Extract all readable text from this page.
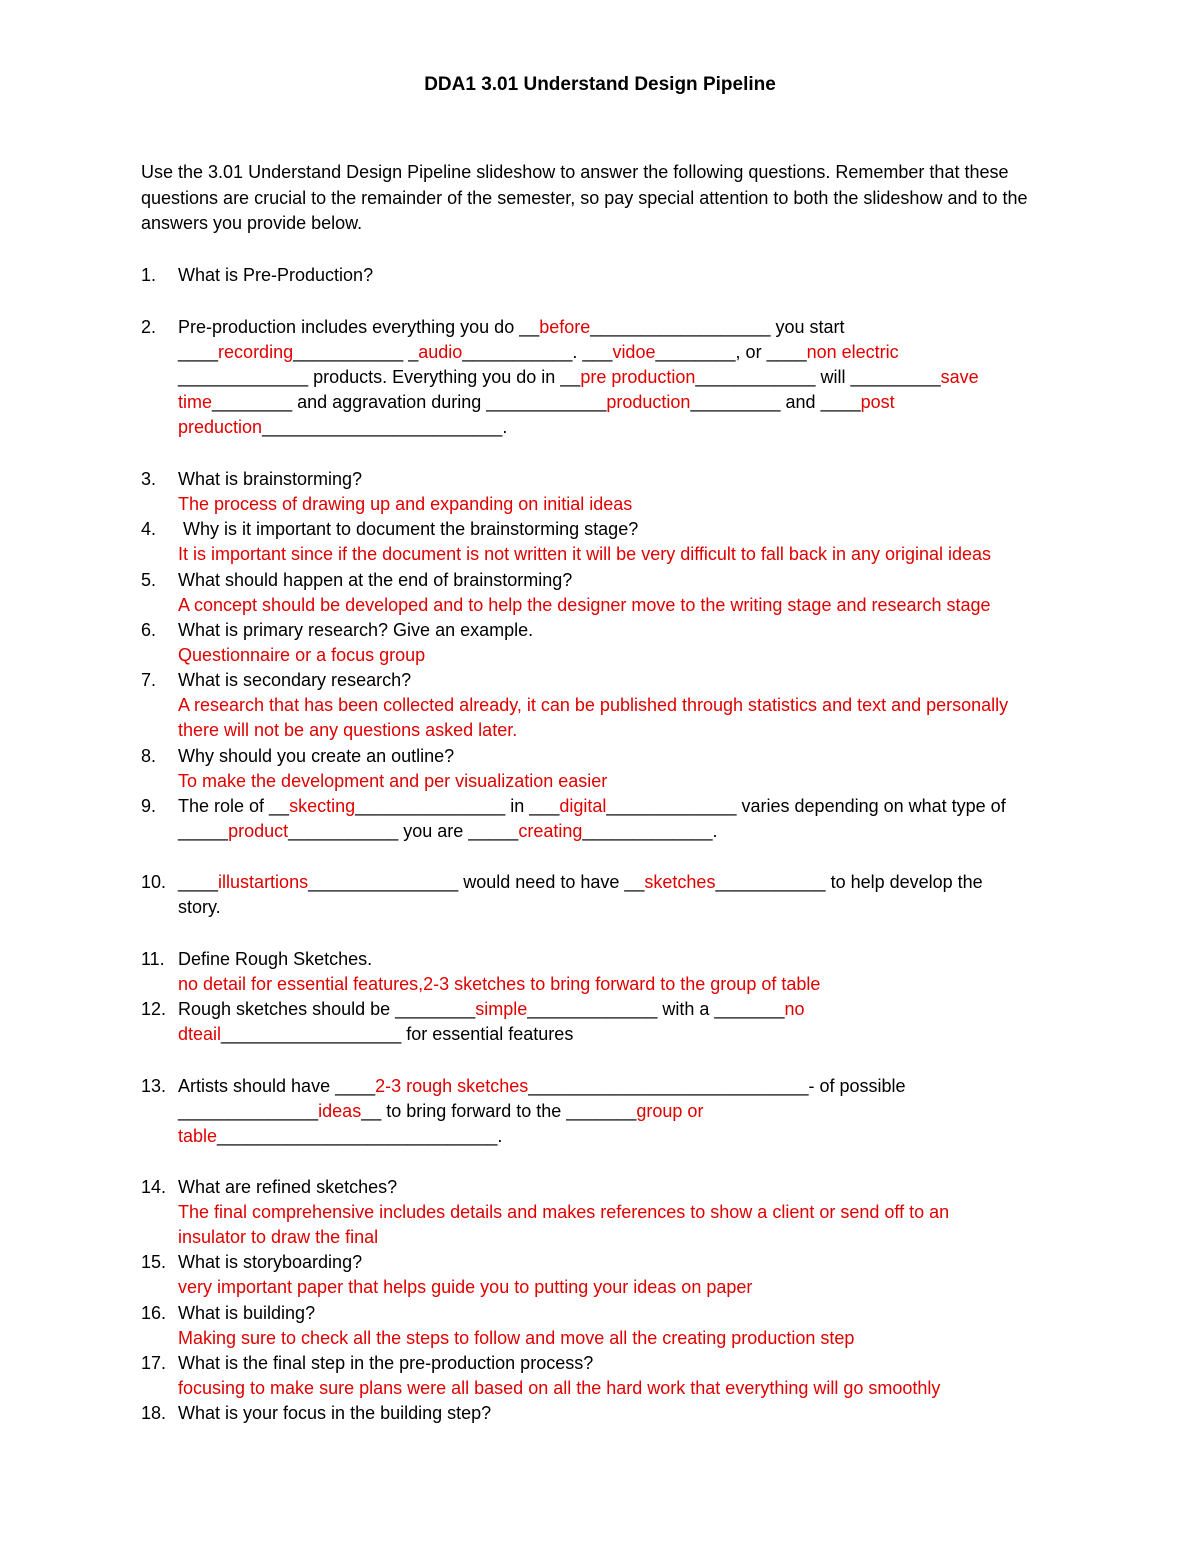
DDA1 3.01 Understand Design Pipeline
Use the 3.01 Understand Design Pipeline slideshow to answer the following questions. Remember that these questions are crucial to the remainder of the semester, so pay special attention to both the slideshow and to the answers you provide below.
1.	What is Pre-Production?
2.	Pre-production includes everything you do __before__________________ you start
____recording___________ _audio___________. ___vidoe________, or ____non electric
_____________ products. Everything you do in __pre production____________ will _________save
time________ and aggravation during ____________production_________ and ____post
preduction________________________.
3.	What is brainstorming?
The process of drawing up and expanding on initial ideas
4.	Why is it important to document the brainstorming stage?
It is important since if the document is not written it will be very difficult to fall back in any original ideas
5.	What should happen at the end of brainstorming?
A concept should be developed and to help the designer move to the writing stage and research stage
6.	What is primary research? Give an example.
Questionnaire or a focus group
7.	What is secondary research?
A research that has been collected already, it can be published through statistics and text and personally
there will not be any questions asked later.
8.	Why should you create an outline?
To make the development and per visualization easier
9.	The role of __skecting_______________ in ___digital_____________ varies depending on what type of
_____product___________ you are _____creating_____________.
10. ____illustartions_______________ would need to have __sketches___________ to help develop the
story.
11. Define Rough Sketches.
no detail for essential features,2-3 sketches to bring forward to the group of table
12. Rough sketches should be ________simple_____________ with a _______no
dteail__________________ for essential features
13. Artists should have ____2-3 rough sketches____________________________- of possible
______________ideas__ to bring forward to the _______group or
table____________________________.
14. What are refined sketches?
The final comprehensive includes details and makes references to show a client or send off to an
insulator to draw the final
15. What is storyboarding?
very important paper that helps guide you to putting your ideas on paper
16. What is building?
Making sure to check all the steps to follow and move all the creating production step
17. What is the final step in the pre-production process?
focusing to make sure plans were all based on all the hard work that everything will go smoothly
18. What is your focus in the building step?
